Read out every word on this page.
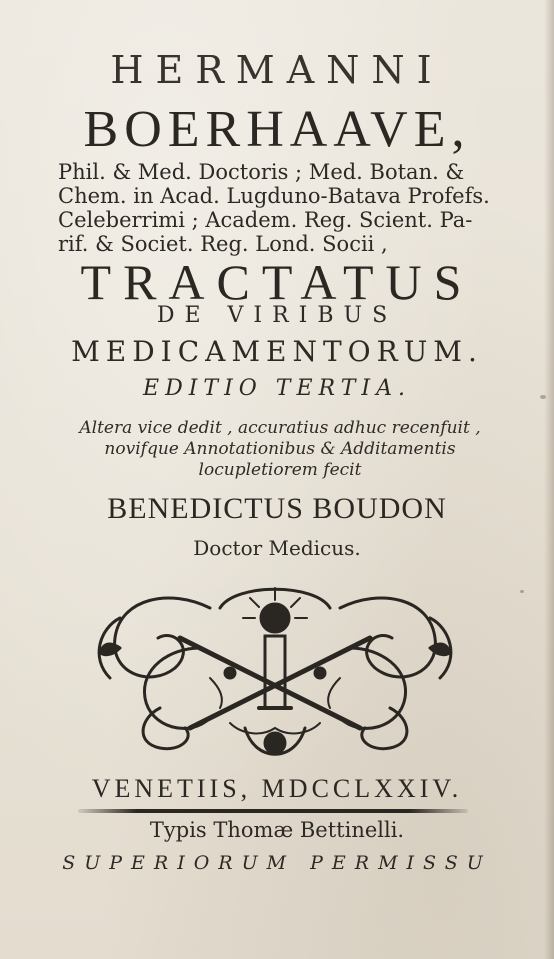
HERMANNI
BOERHAAVE,
Phil. & Med. Doctoris ; Med. Botan. &
Chem. in Acad. Lugduno-Batava Profefs.
Celeberrimi ; Academ. Reg. Scient. Pa-
rif. & Societ. Reg. Lond. Socii ,
TRACTATUS
DE VIRIBUS
MEDICAMENTORUM.
EDITIO TERTIA.
Altera vice dedit , accuratius adhuc recenfuit ,
novifque Annotationibus & Additamentis
locupletiorem fecit
BENEDICTUS BOUDON
Doctor Medicus.
VENETIIS, MDCCLXXIV.
Typis Thomæ Bettinelli.
SUPERIORUM PERMISSU
